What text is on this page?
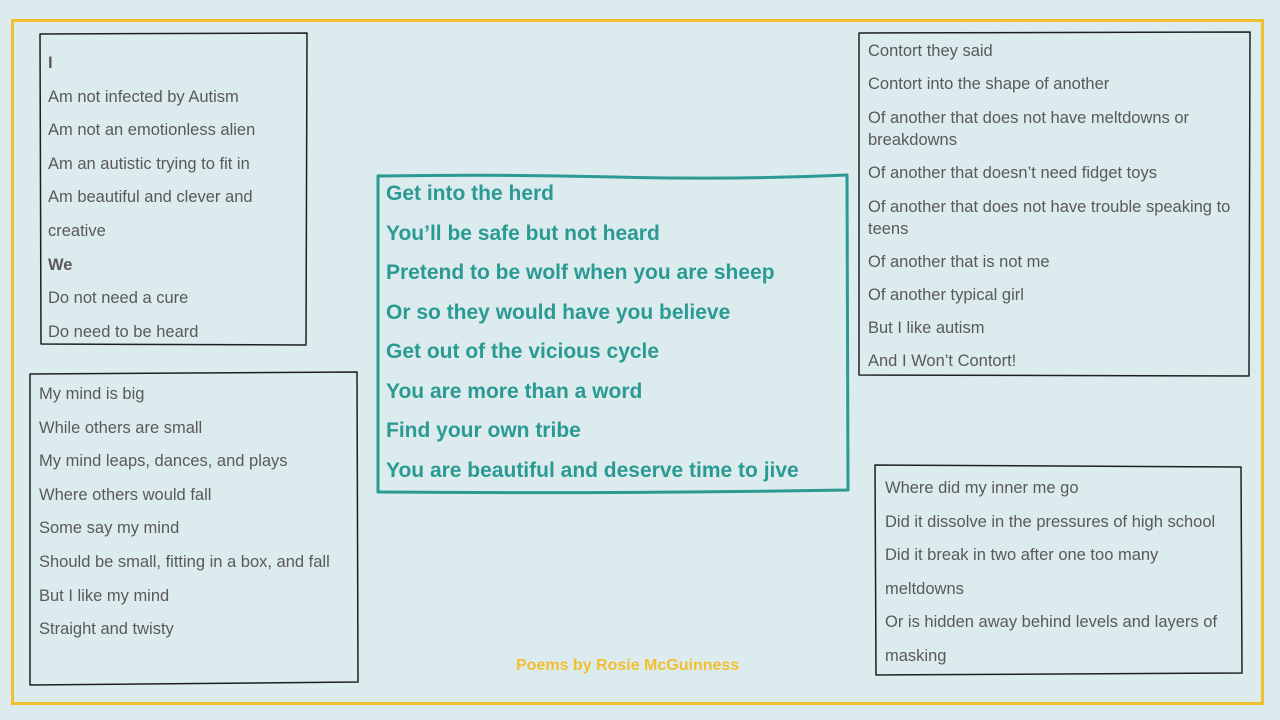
I
Am not infected by Autism
Am not an emotionless alien
Am an autistic trying to fit in
Am beautiful and clever and
creative
We
Do not need a cure
Do need to be heard
My mind is big
While others are small
My mind leaps, dances, and plays
Where others would fall
Some say my mind
Should be small, fitting in a box, and fall
But I like my mind
Straight and twisty
Get into the herd
You’ll be safe but not heard
Pretend to be wolf when you are sheep
Or so they would have you believe
Get out of the vicious cycle
You are more than a word
Find your own tribe
You are beautiful and deserve time to jive
Contort they said
Contort into the shape of another
Of another that does not have meltdowns or breakdowns
Of another that doesn’t need fidget toys
Of another that does not have trouble speaking to teens
Of another that is not me
Of another typical girl
But I like autism
And I Won’t Contort!
Where did my inner me go
Did it dissolve in the pressures of high school
Did it break in two after one too many
meltdowns
Or is hidden away behind levels and layers of
masking
Poems by Rosie McGuinness
